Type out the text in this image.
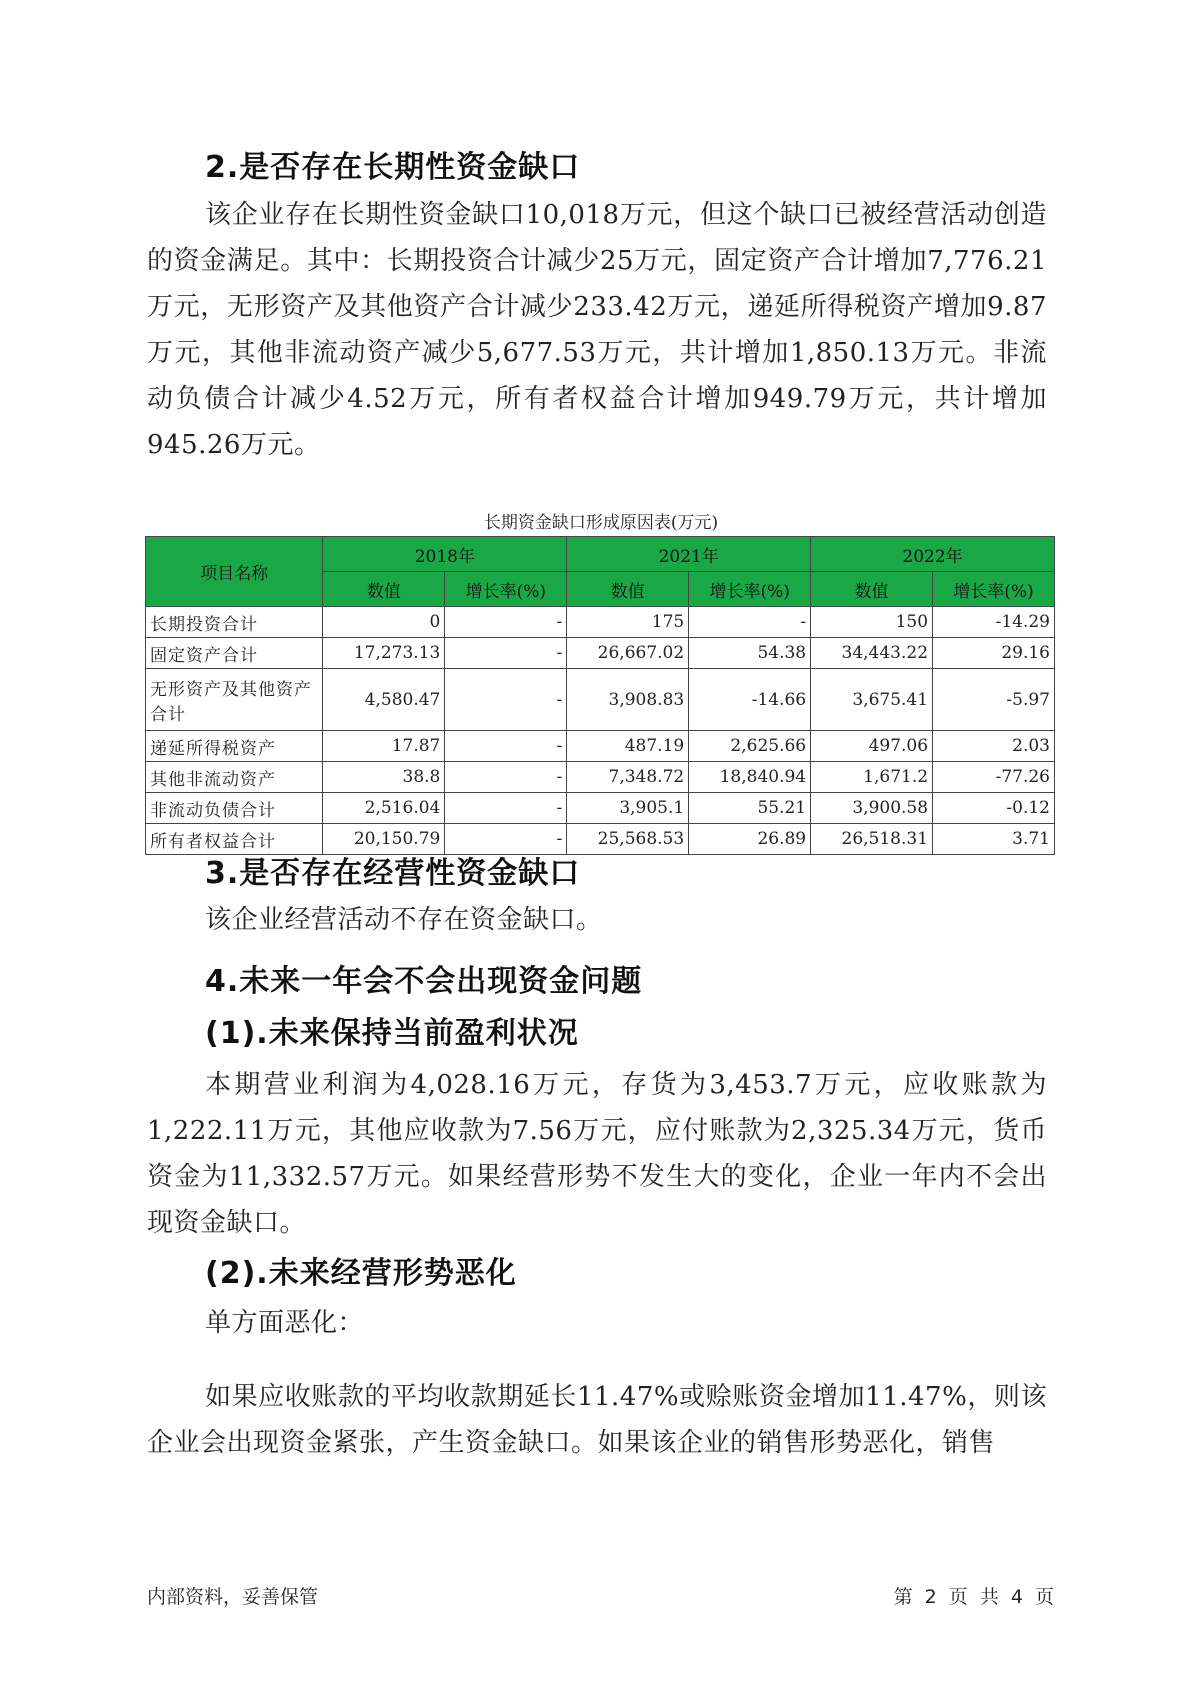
2.是否存在长期性资金缺口

该企业存在长期性资金缺口10,018万元，但这个缺口已被经营活动创造的资金满足。其中：长期投资合计减少25万元，固定资产合计增加7,776.21万元，无形资产及其他资产合计减少233.42万元，递延所得税资产增加9.87万元，其他非流动资产减少5,677.53万元，共计增加1,850.13万元。非流动负债合计减少4.52万元，所有者权益合计增加949.79万元，共计增加945.26万元。

长期资金缺口形成原因表(万元)
项目名称	2018年		2021年		2022年	
	数值	增长率(%)	数值	增长率(%)	数值	增长率(%)
长期投资合计	0	-	175	-	150	-14.29
固定资产合计	17,273.13	-	26,667.02	54.38	34,443.22	29.16
无形资产及其他资产合计	4,580.47	-	3,908.83	-14.66	3,675.41	-5.97
递延所得税资产	17.87	-	487.19	2,625.66	497.06	2.03
其他非流动资产	38.8	-	7,348.72	18,840.94	1,671.2	-77.26
非流动负债合计	2,516.04	-	3,905.1	55.21	3,900.58	-0.12
所有者权益合计	20,150.79	-	25,568.53	26.89	26,518.31	3.71
3.是否存在经营性资金缺口

该企业经营活动不存在资金缺口。

4.未来一年会不会出现资金问题
(1).未来保持当前盈利状况

本期营业利润为4,028.16万元，存货为3,453.7万元，应收账款为1,222.11万元，其他应收款为7.56万元，应付账款为2,325.34万元，货币资金为11,332.57万元。如果经营形势不发生大的变化，企业一年内不会出现资金缺口。

(2).未来经营形势恶化

单方面恶化：

如果应收账款的平均收款期延长11.47%或赊账资金增加11.47%，则该企业会出现资金紧张，产生资金缺口。如果该企业的销售形势恶化，销售

内部资料，妥善保管	第 2 页 共 4 页
